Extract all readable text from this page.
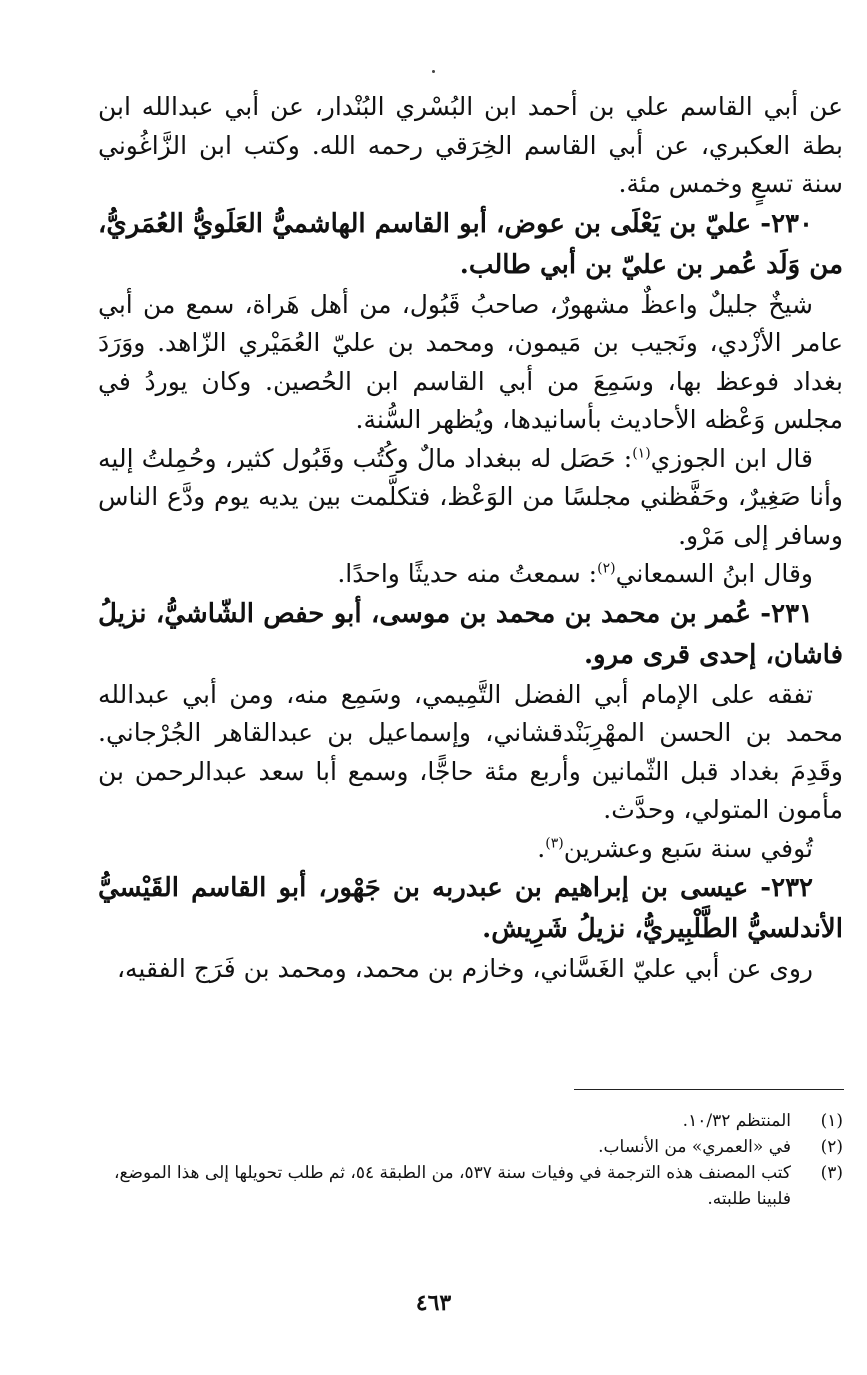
عن أبي القاسم علي بن أحمد ابن البُسْري البُنْدار، عن أبي عبدالله ابن بطة العكبري، عن أبي القاسم الخِرَقي رحمه الله. وكتب ابن الزَّاغُوني سنة تسعٍ وخمس مئة.

٢٣٠- عليّ بن يَعْلَى بن عوض، أبو القاسم الهاشميُّ العَلَويُّ العُمَريُّ، من وَلَد عُمر بن عليّ بن أبي طالب.

شيخٌ جليلٌ واعظٌ مشهورٌ، صاحبُ قَبُول، من أهل هَراة، سمع من أبي عامر الأزْدي، ونَجيب بن مَيمون، ومحمد بن عليّ العُمَيْري الزّاهد. ووَرَدَ بغداد فوعظ بها، وسَمِعَ من أبي القاسم ابن الحُصين. وكان يوردُ في مجلس وَعْظه الأحاديث بأسانيدها، ويُظهر السُّنة.

قال ابن الجوزي$^{(١)}$: حَصَل له ببغداد مالٌ وكُتُب وقَبُول كثير، وحُمِلتُ إليه وأنا صَغِيرٌ، وحَفَّظني مجلسًا من الوَعْظ، فتكلَّمت بين يديه يوم ودَّع الناس وسافر إلى مَرْو.

وقال ابنُ السمعاني$^{(٢)}$: سمعتُ منه حديثًا واحدًا.

٢٣١- عُمر بن محمد بن محمد بن موسى، أبو حفص الشّاشيُّ، نزيلُ فاشان، إحدى قرى مرو.

تفقه على الإمام أبي الفضل التَّمِيمي، وسَمِع منه، ومن أبي عبدالله محمد بن الحسن المهْرِبَنْدقشاني، وإسماعيل بن عبدالقاهر الجُرْجاني. وقَدِمَ بغداد قبل الثّمانين وأربع مئة حاجًّا، وسمع أبا سعد عبدالرحمن بن مأمون المتولي، وحدَّث.

تُوفي سنة سَبع وعشرين$^{(٣)}$.

٢٣٢- عيسى بن إبراهيم بن عبدربه بن جَهْور، أبو القاسم القَيْسيُّ الأندلسيُّ الطَّلْبِيريُّ، نزيلُ شَرِيش.

روى عن أبي عليّ الغَسَّاني، وخازم بن محمد، ومحمد بن فَرَج الفقيه،

(١)
المنتظم ١٠/٣٢.
(٢)
في «العمري» من الأنساب.
(٣)
كتب المصنف هذه الترجمة في وفيات سنة ٥٣٧، من الطبقة ٥٤، ثم طلب تحويلها إلى هذا الموضع، فلبينا طلبته.
٤٦٣
